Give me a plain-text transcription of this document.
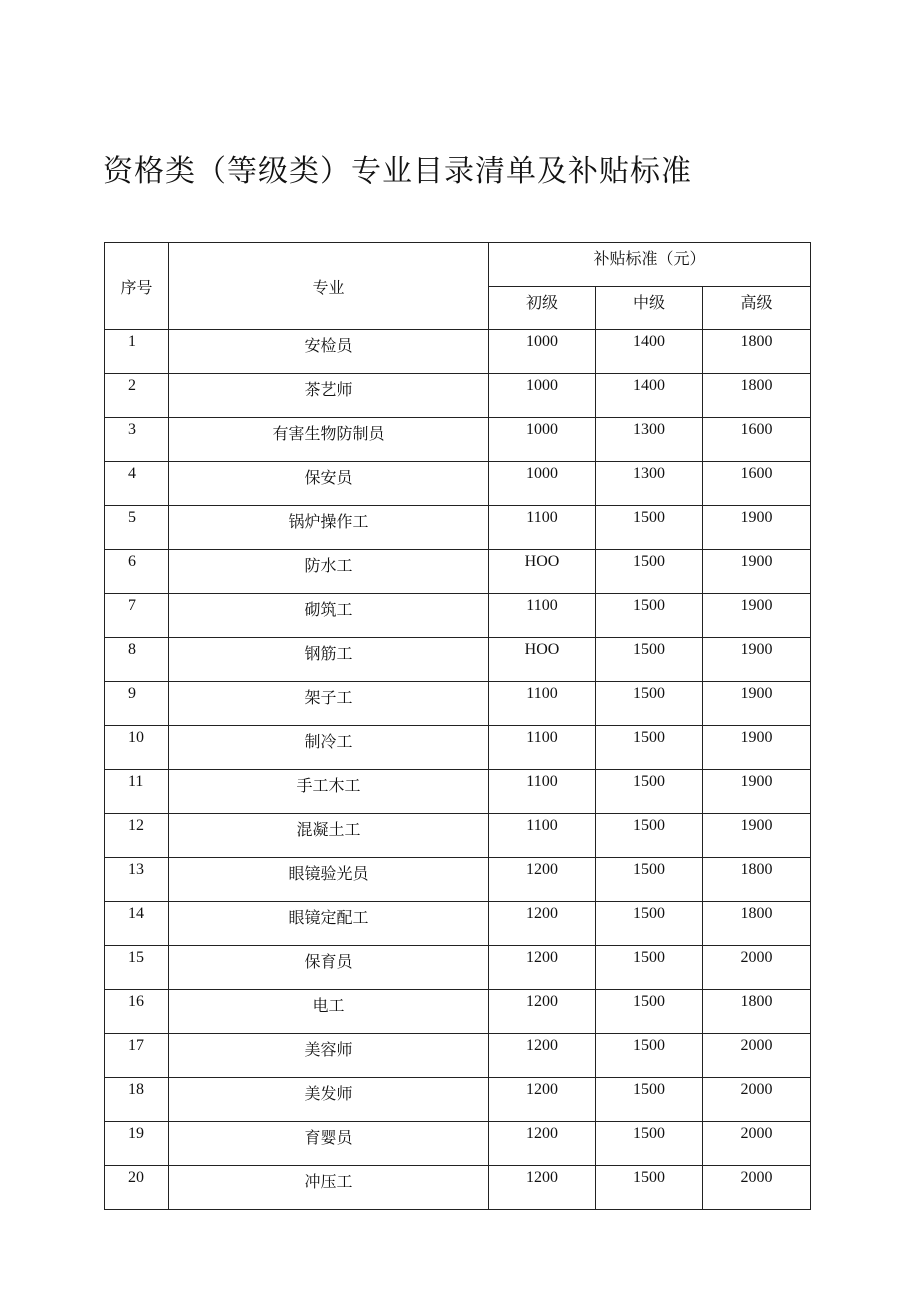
资格类（等级类）专业目录清单及补贴标准
序号	专业	补贴标准（元）		
		初级	中级	高级
1	安检员	1000	1400	1800
2	茶艺师	1000	1400	1800
3	有害生物防制员	1000	1300	1600
4	保安员	1000	1300	1600
5	锅炉操作工	1100	1500	1900
6	防水工	HOO	1500	1900
7	砌筑工	1100	1500	1900
8	钢筋工	HOO	1500	1900
9	架子工	1100	1500	1900
10	制冷工	1100	1500	1900
11	手工木工	1100	1500	1900
12	混凝土工	1100	1500	1900
13	眼镜验光员	1200	1500	1800
14	眼镜定配工	1200	1500	1800
15	保育员	1200	1500	2000
16	电工	1200	1500	1800
17	美容师	1200	1500	2000
18	美发师	1200	1500	2000
19	育婴员	1200	1500	2000
20	冲压工	1200	1500	2000
